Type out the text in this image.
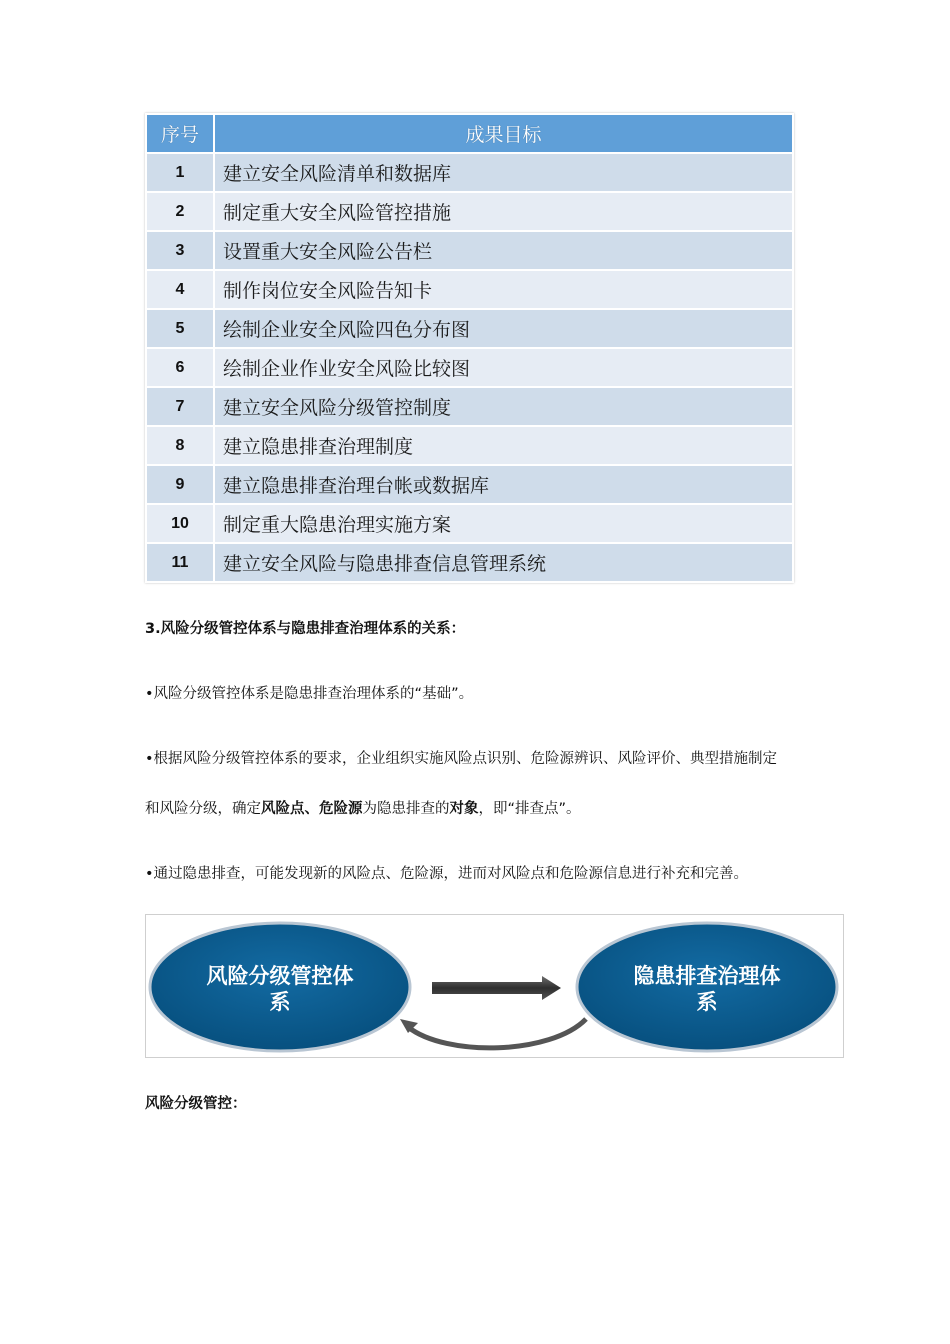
序号	成果目标
1	建立安全风险清单和数据库
2	制定重大安全风险管控措施
3	设置重大安全风险公告栏
4	制作岗位安全风险告知卡
5	绘制企业安全风险四色分布图
6	绘制企业作业安全风险比较图
7	建立安全风险分级管控制度
8	建立隐患排查治理制度
9	建立隐患排查治理台帐或数据库
10	制定重大隐患治理实施方案
11	建立安全风险与隐患排查信息管理系统
3.风险分级管控体系与隐患排查治理体系的关系：
•风险分级管控体系是隐患排查治理体系的“基础”。
•根据风险分级管控体系的要求，企业组织实施风险点识别、危险源辨识、风险评价、典型措施制定
和风险分级，确定风险点、危险源为隐患排查的对象，即“排查点”。
•通过隐患排查，可能发现新的风险点、危险源，进而对风险点和危险源信息进行补充和完善。
风险分级管控体
系
隐患排查治理体
系
风险分级管控：
